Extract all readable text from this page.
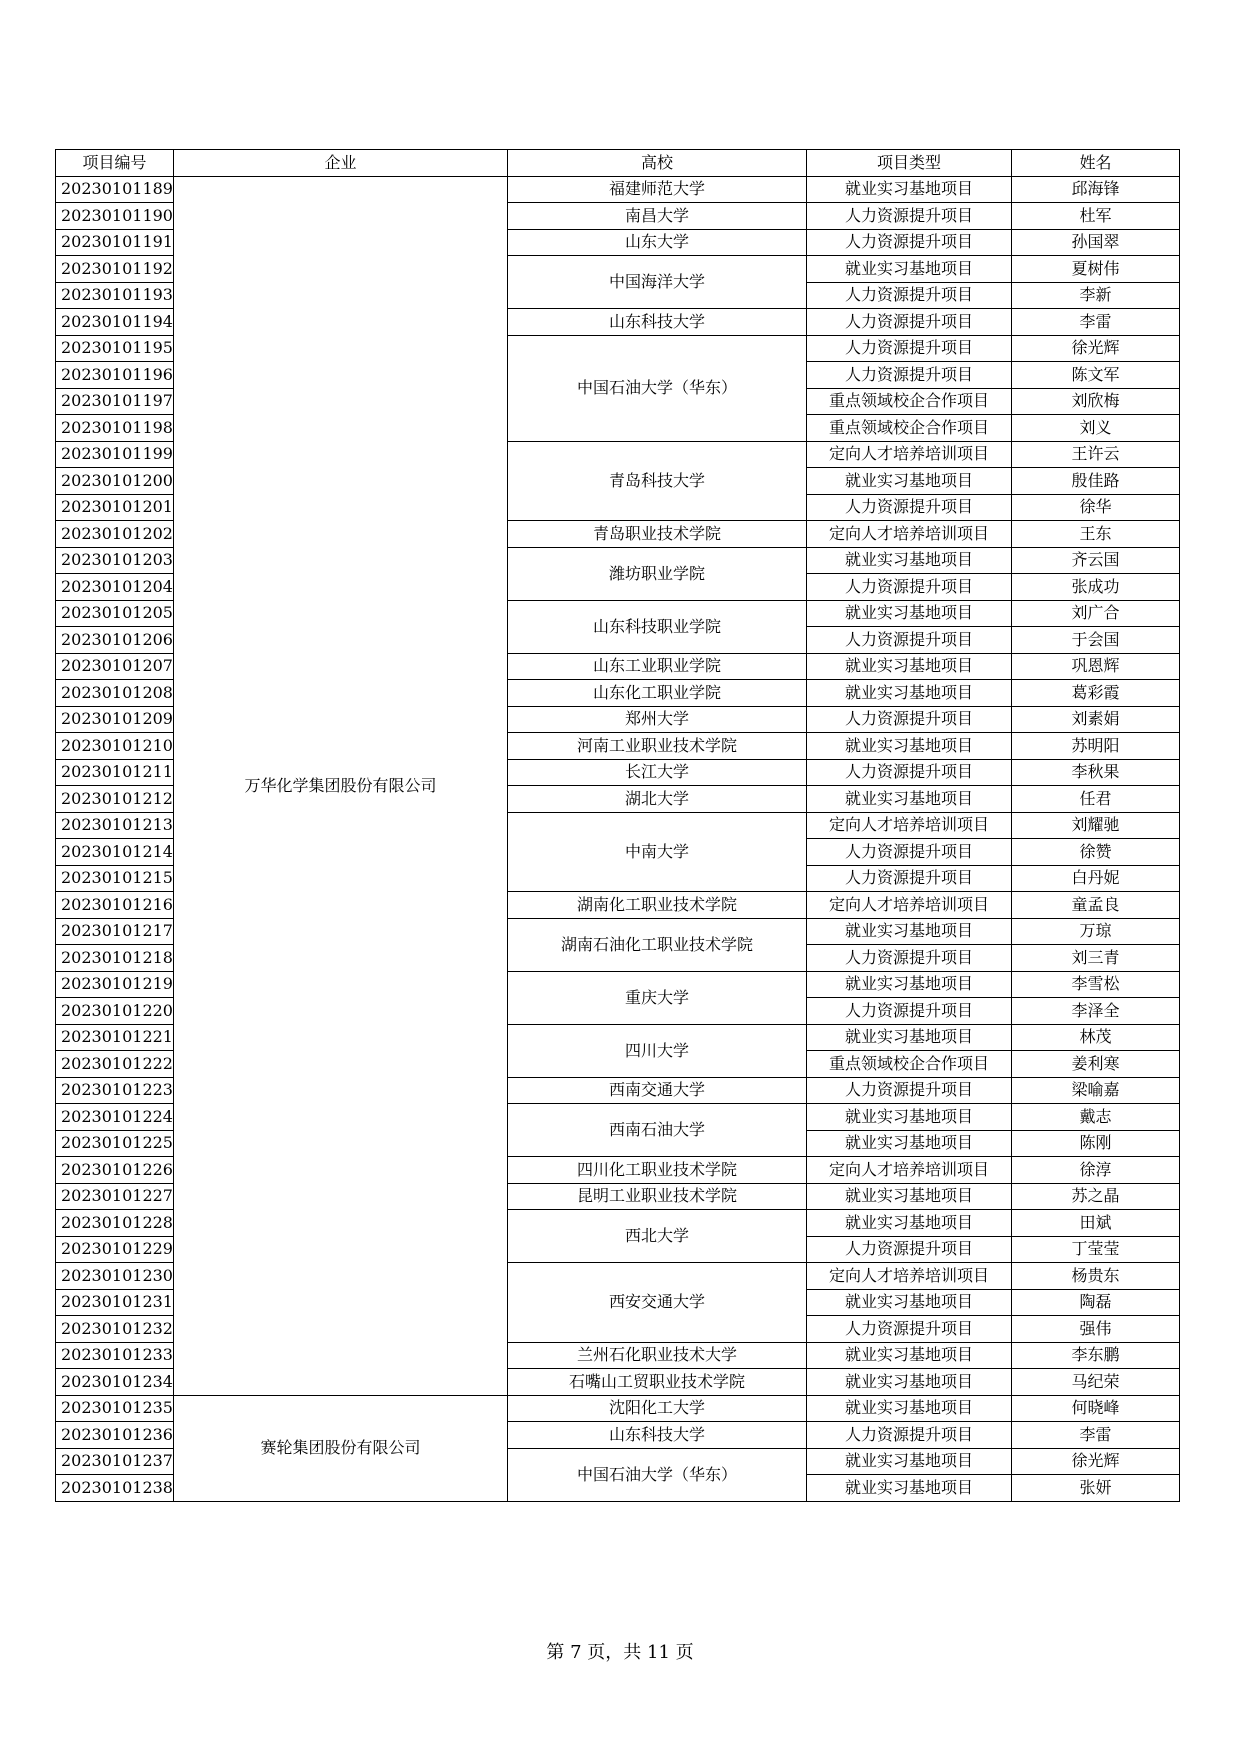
项目编号	企业	高校	项目类型	姓名
20230101189	万华化学集团股份有限公司	福建师范大学	就业实习基地项目	邱海锋
20230101190		南昌大学	人力资源提升项目	杜军
20230101191		山东大学	人力资源提升项目	孙国翠
20230101192		中国海洋大学	就业实习基地项目	夏树伟
20230101193			人力资源提升项目	李新
20230101194		山东科技大学	人力资源提升项目	李雷
20230101195		中国石油大学（华东）	人力资源提升项目	徐光辉
20230101196			人力资源提升项目	陈文军
20230101197			重点领域校企合作项目	刘欣梅
20230101198			重点领域校企合作项目	刘义
20230101199		青岛科技大学	定向人才培养培训项目	王许云
20230101200			就业实习基地项目	殷佳路
20230101201			人力资源提升项目	徐华
20230101202		青岛职业技术学院	定向人才培养培训项目	王东
20230101203		潍坊职业学院	就业实习基地项目	齐云国
20230101204			人力资源提升项目	张成功
20230101205		山东科技职业学院	就业实习基地项目	刘广合
20230101206			人力资源提升项目	于会国
20230101207		山东工业职业学院	就业实习基地项目	巩恩辉
20230101208		山东化工职业学院	就业实习基地项目	葛彩霞
20230101209		郑州大学	人力资源提升项目	刘素娟
20230101210		河南工业职业技术学院	就业实习基地项目	苏明阳
20230101211		长江大学	人力资源提升项目	李秋果
20230101212		湖北大学	就业实习基地项目	任君
20230101213		中南大学	定向人才培养培训项目	刘耀驰
20230101214			人力资源提升项目	徐赞
20230101215			人力资源提升项目	白丹妮
20230101216		湖南化工职业技术学院	定向人才培养培训项目	童孟良
20230101217		湖南石油化工职业技术学院	就业实习基地项目	万琼
20230101218			人力资源提升项目	刘三青
20230101219		重庆大学	就业实习基地项目	李雪松
20230101220			人力资源提升项目	李泽全
20230101221		四川大学	就业实习基地项目	林茂
20230101222			重点领域校企合作项目	姜利寒
20230101223		西南交通大学	人力资源提升项目	梁喻嘉
20230101224		西南石油大学	就业实习基地项目	戴志
20230101225			就业实习基地项目	陈刚
20230101226		四川化工职业技术学院	定向人才培养培训项目	徐淳
20230101227		昆明工业职业技术学院	就业实习基地项目	苏之晶
20230101228		西北大学	就业实习基地项目	田斌
20230101229			人力资源提升项目	丁莹莹
20230101230		西安交通大学	定向人才培养培训项目	杨贵东
20230101231			就业实习基地项目	陶磊
20230101232			人力资源提升项目	强伟
20230101233		兰州石化职业技术大学	就业实习基地项目	李东鹏
20230101234		石嘴山工贸职业技术学院	就业实习基地项目	马纪荣
20230101235	赛轮集团股份有限公司	沈阳化工大学	就业实习基地项目	何晓峰
20230101236		山东科技大学	人力资源提升项目	李雷
20230101237		中国石油大学（华东）	就业实习基地项目	徐光辉
20230101238			就业实习基地项目	张妍
第 7 页，共 11 页
